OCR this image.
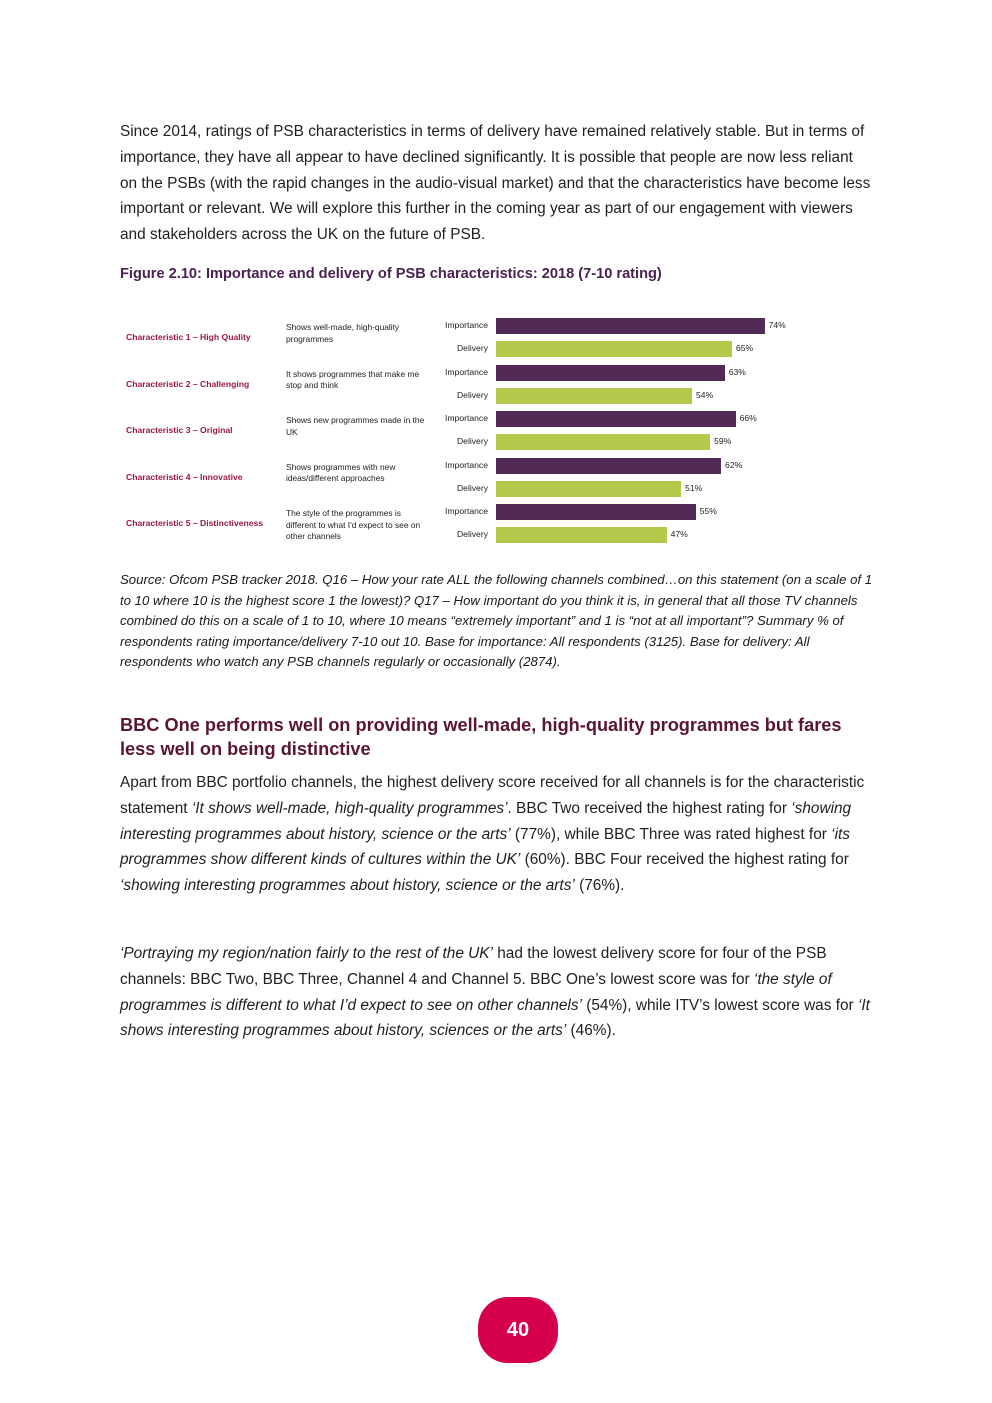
Since 2014, ratings of PSB characteristics in terms of delivery have remained relatively stable. But in terms of importance, they have all appear to have declined significantly. It is possible that people are now less reliant on the PSBs (with the rapid changes in the audio-visual market) and that the characteristics have become less important or relevant. We will explore this further in the coming year as part of our engagement with viewers and stakeholders across the UK on the future of PSB.

Figure 2.10: Importance and delivery of PSB characteristics: 2018 (7-10 rating)

Characteristic 1 – High Quality
Shows well-made, high-quality programmes
Importance	74%
Delivery	65%
Characteristic 2 – Challenging
It shows programmes that make me stop and think
Importance	63%
Delivery	54%
Characteristic 3 – Original
Shows new programmes made in the UK
Importance	66%
Delivery	59%
Characteristic 4 – Innovative
Shows programmes with new ideas/different approaches
Importance	62%
Delivery	51%
Characteristic 5 – Distinctiveness
The style of the programmes is different to what I'd expect to see on other channels
Importance	55%
Delivery	47%

Source: Ofcom PSB tracker 2018. Q16 – How your rate ALL the following channels combined…on this statement (on a scale of 1 to 10 where 10 is the highest score 1 the lowest)? Q17 – How important do you think it is, in general that all those TV channels combined do this on a scale of 1 to 10, where 10 means “extremely important” and 1 is “not at all important”? Summary % of respondents rating importance/delivery 7-10 out 10. Base for importance: All respondents (3125). Base for delivery: All respondents who watch any PSB channels regularly or occasionally (2874).

BBC One performs well on providing well-made, high-quality programmes but fares less well on being distinctive

Apart from BBC portfolio channels, the highest delivery score received for all channels is for the characteristic statement ‘It shows well-made, high-quality programmes’. BBC Two received the highest rating for ‘showing interesting programmes about history, science or the arts’ (77%), while BBC Three was rated highest for ‘its programmes show different kinds of cultures within the UK’ (60%). BBC Four received the highest rating for ‘showing interesting programmes about history, science or the arts’ (76%).

‘Portraying my region/nation fairly to the rest of the UK’ had the lowest delivery score for four of the PSB channels: BBC Two, BBC Three, Channel 4 and Channel 5. BBC One’s lowest score was for ‘the style of programmes is different to what I’d expect to see on other channels’ (54%), while ITV’s lowest score was for ‘It shows interesting programmes about history, sciences or the arts’ (46%).

40
